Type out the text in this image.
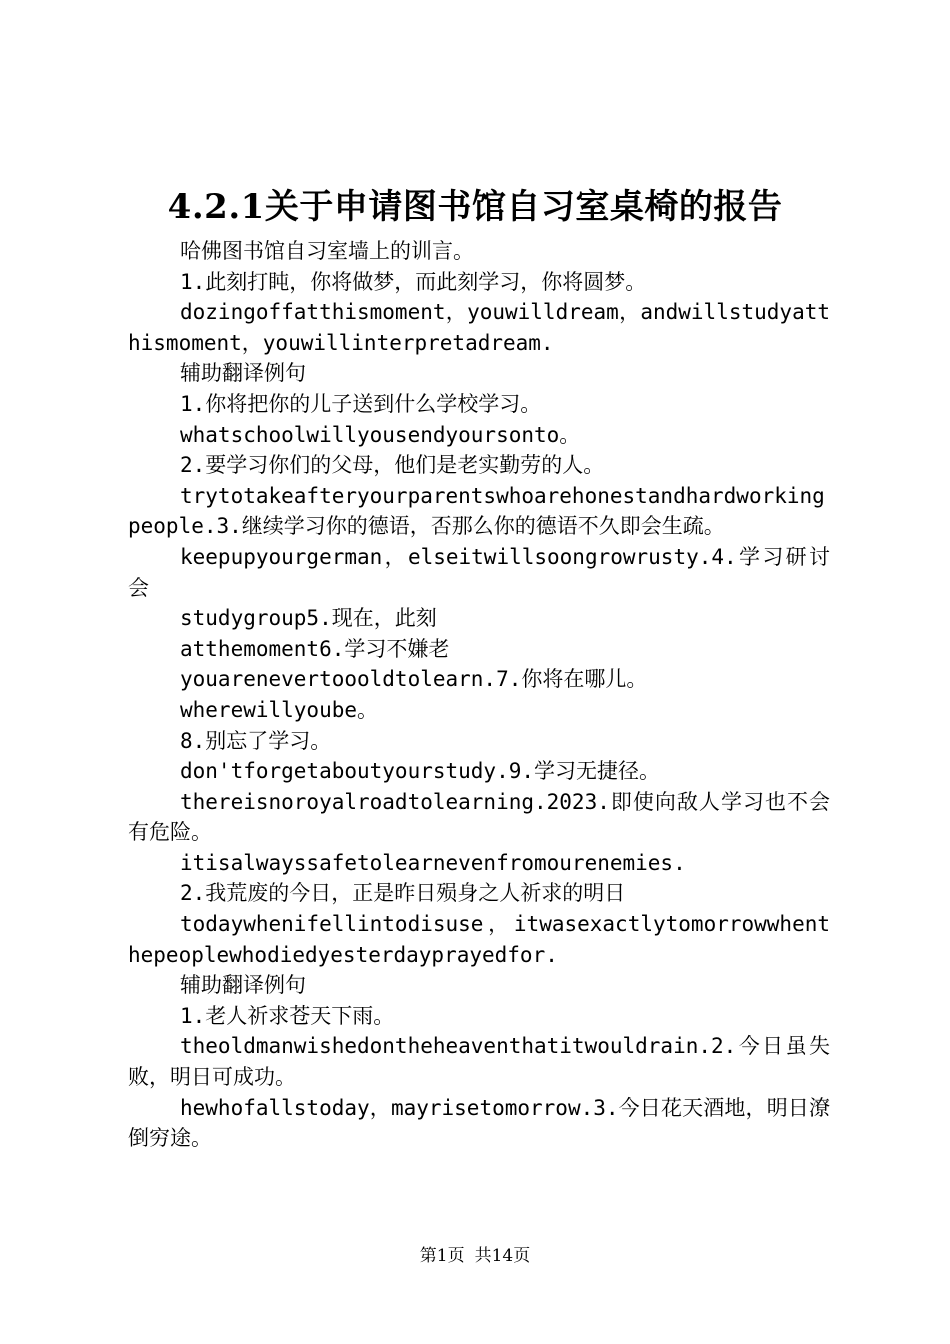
4.2.1关于申请图书馆自习室桌椅的报告

哈佛图书馆自习室墙上的训言。

1.此刻打盹，你将做梦，而此刻学习，你将圆梦。

dozingoffatthismoment，youwilldream，andwillstudyatthismoment，youwillinterpretadream.

辅助翻译例句

1.你将把你的儿子送到什么学校学习。

whatschoolwillyousendyoursonto。

2.要学习你们的父母，他们是老实勤劳的人。

trytotakeafteryourparentswhoarehonestandhardworkingpeople.3.继续学习你的德语，否那么你的德语不久即会生疏。

keepupyourgerman，elseitwillsoongrowrusty.4.学习研讨会

studygroup5.现在，此刻

atthemoment6.学习不嫌老

youarenevertoooldtolearn.7.你将在哪儿。

wherewillyoube。

8.别忘了学习。

don'tforgetaboutyourstudy.9.学习无捷径。

thereisnoroyalroadtolearning.2023.即使向敌人学习也不会有危险。

itisalwayssafetolearnevenfromourenemies.

2.我荒废的今日，正是昨日殒身之人祈求的明日

todaywhenifellintodisuse，itwasexactlytomorrowwhenthepeoplewhodiedyesterdayprayedfor.

辅助翻译例句

1.老人祈求苍天下雨。

theoldmanwishedontheheaventhatitwouldrain.2.今日虽失败，明日可成功。

hewhofallstoday，mayrisetomorrow.3.今日花天酒地，明日潦倒穷途。

第1页 共14页
